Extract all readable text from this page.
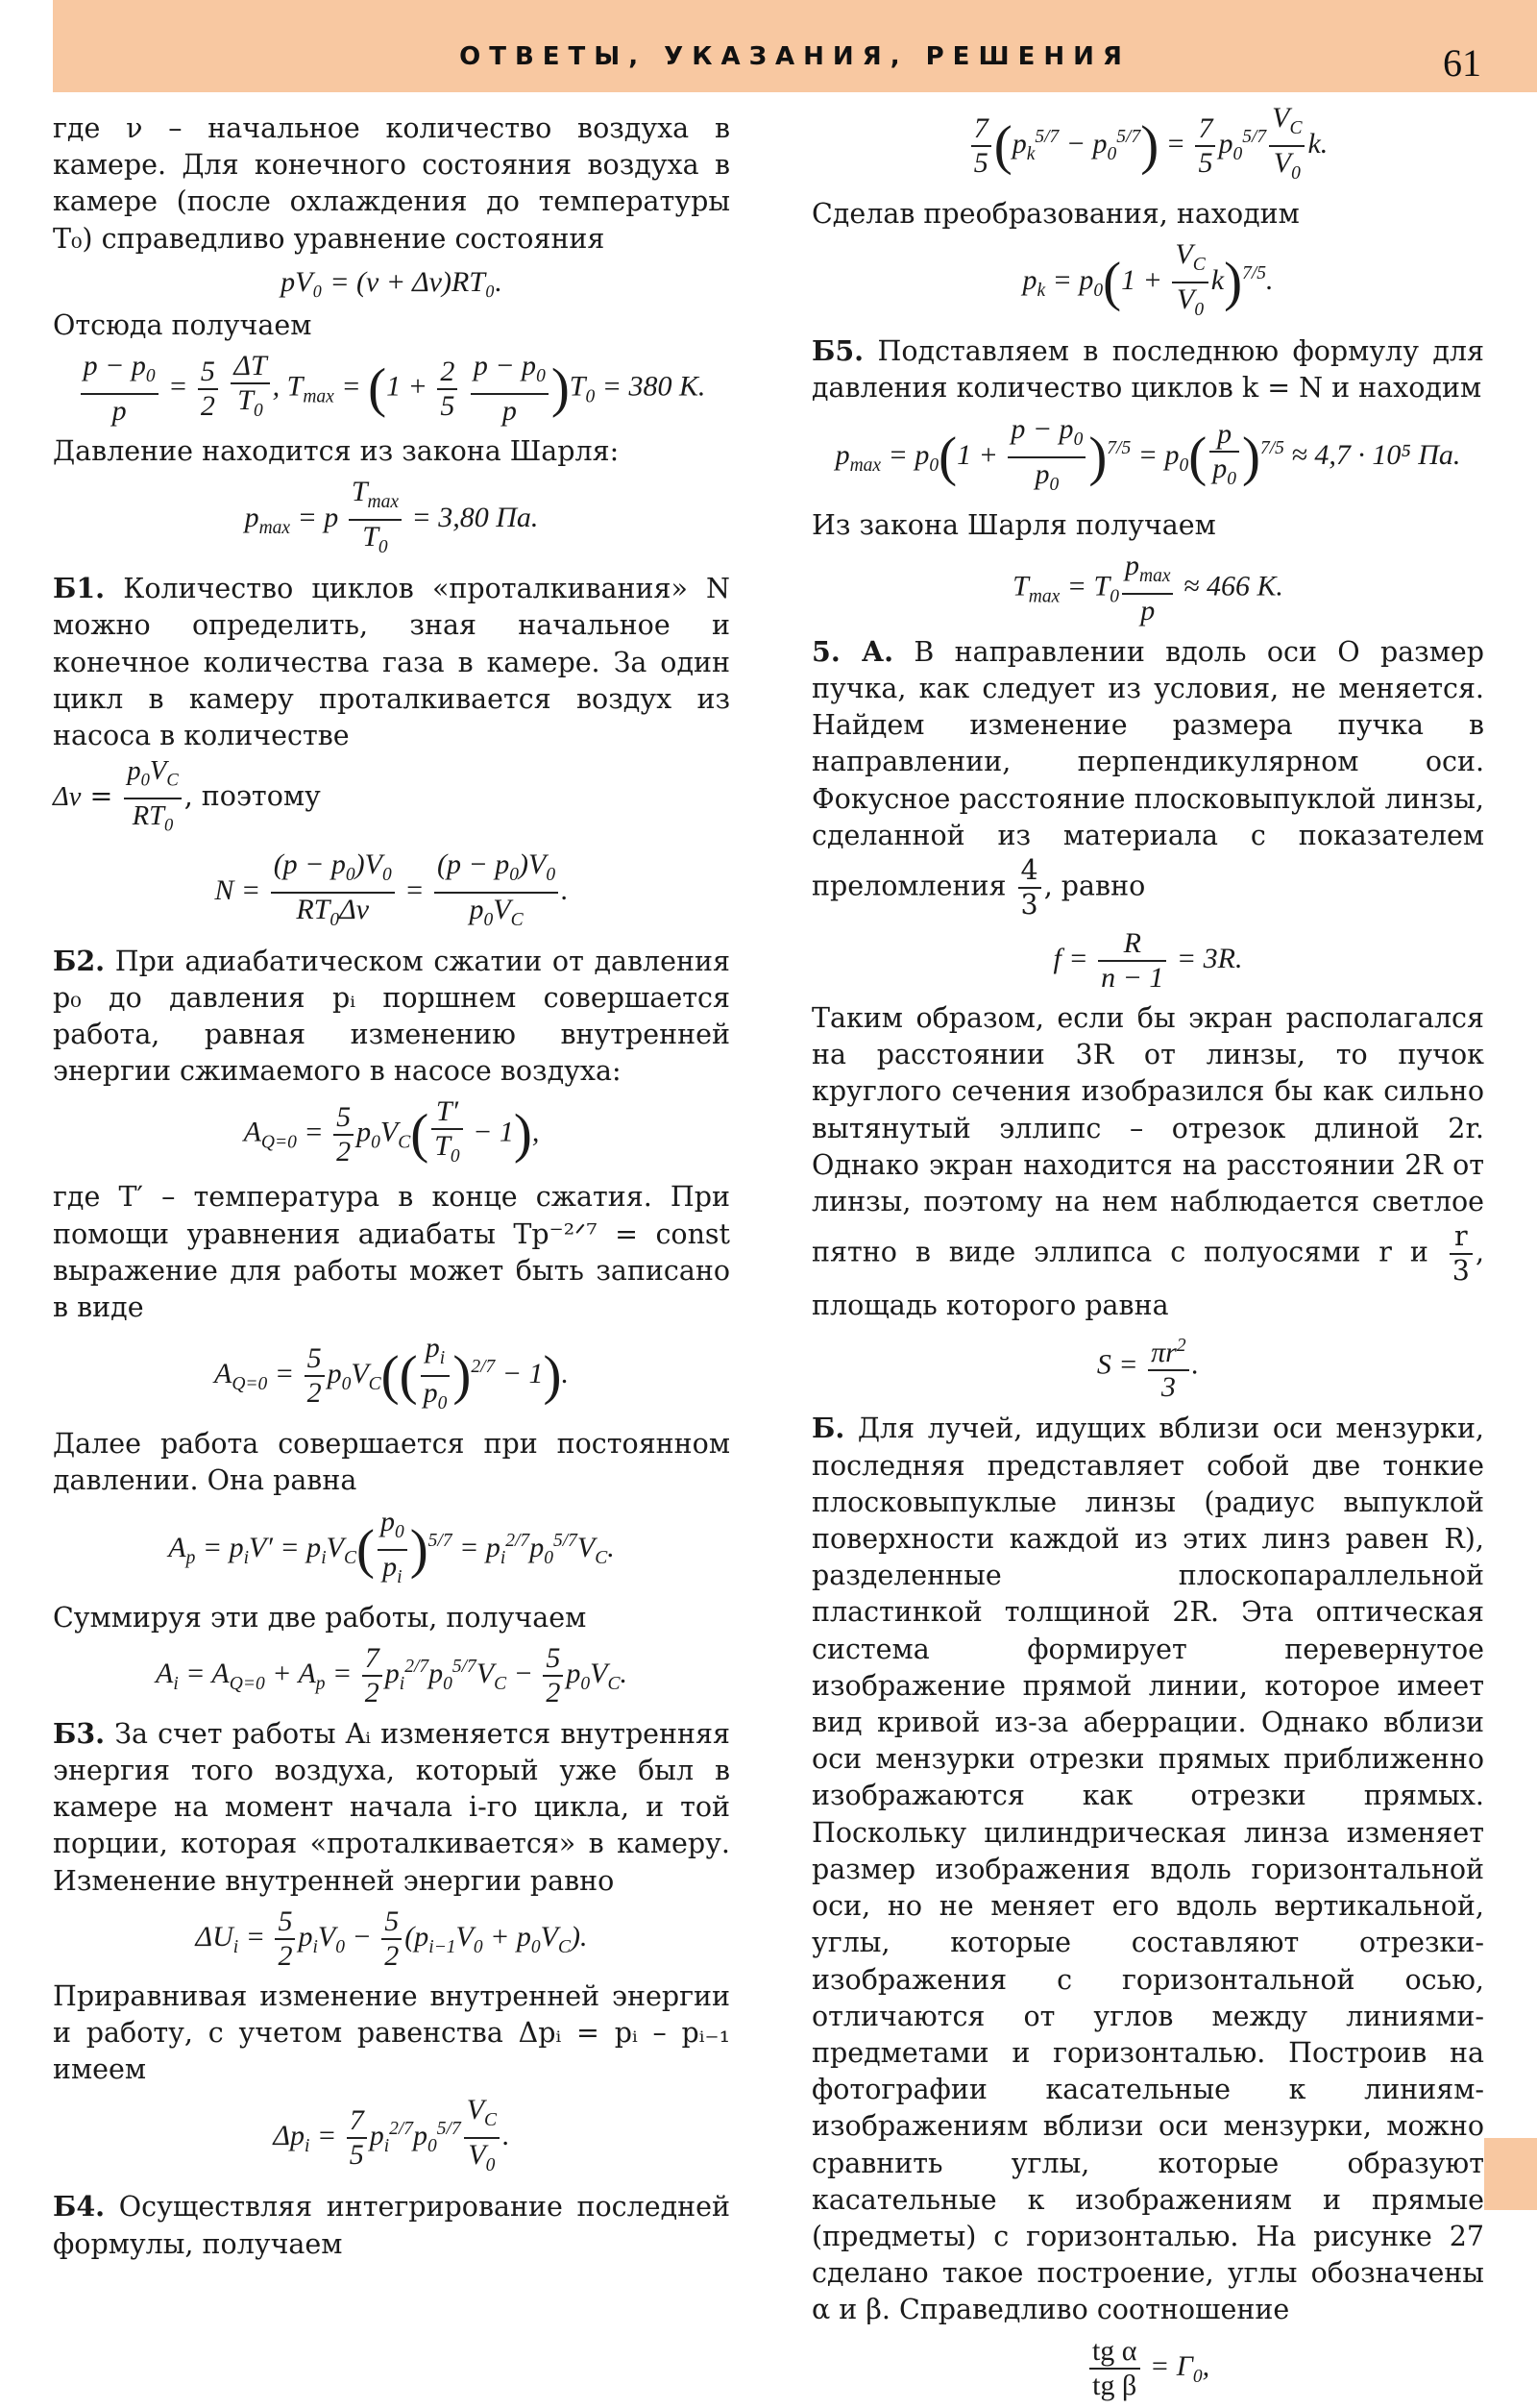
ОТВЕТЫ, УКАЗАНИЯ, РЕШЕНИЯ	61

где ν – начальное количество воздуха в камере. Для конечного состояния воздуха в камере (после охлаждения до температуры T₀) справедливо уравнение состояния

pV₀ = (ν + Δν)RT₀.

Отсюда получаем

$\frac{p - p_0}{p} = \frac{5}{2}$
$\frac{\Delta T}{T_0}$ , $T_{max} = (1 + \frac{2}{5}$
$\frac{p - p_0}{p} )T_0 = 380$ К.

Давление находится из закона Шарля:

$p_{max} = p \frac{T_{max}}{T_0} = 3,80$ Па.

Б1. Количество циклов «проталкивания» N можно определить, зная начальное и конечное количества газа в камере. За один цикл в камеру проталкивается воздух из насоса в количестве

$\Delta\nu = \frac{p_0V_C}{RT_0}$ , поэтому

$N = \frac{(p - p_0)V_0}{RT_0\Delta\nu} = \frac{(p - p_0)V_0}{p_0V_C}$ .

Б2. При адиабатическом сжатии от давления p₀ до давления pᵢ поршнем совершается работа, равная изменению внутренней энергии сжимаемого в насосе воздуха:

$A_{Q=0} = \frac{5}{2} p_0V_C( \frac{T'}{T_0} - 1)$,

где T′ – температура в конце сжатия. При помощи уравнения адиабаты Tp⁻²ᐟ⁷ = const выражение для работы может быть записано в виде

$A_{Q=0} = \frac{5}{2} p_0V_C(( \frac{p_i}{p_0} )^{2/7} - 1)$.

Далее работа совершается при постоянном давлении. Она равна

$A_p = p_iV' = p_iV_C( \frac{p_0}{p_i} )^{5/7} = p_i^{2/7}p_0^{5/7}V_C$.

Суммируя эти две работы, получаем

$A_i = A_{Q=0} + A_p = \frac{7}{2} p_i^{2/7}p_0^{5/7}V_C - \frac{5}{2} p_0V_C$.

Б3. За счет работы Aᵢ изменяется внутренняя энергия того воздуха, который уже был в камере на момент начала i-го цикла, и той порции, которая «проталкивается» в камеру. Изменение внутренней энергии равно

$\Delta U_i = \frac{5}{2} p_iV_0 - \frac{5}{2} (p_{i-1}V_0 + p_0V_C)$.

Приравнивая изменение внутренней энергии и работу, с учетом равенства Δpᵢ = pᵢ – pᵢ₋₁ имеем

$\Delta p_i = \frac{7}{5} p_i^{2/7}p_0^{5/7} \frac{V_C}{V_0}$ .

Б4. Осуществляя интегрирование последней формулы, получаем

$\frac{7}{5} (p_k^{5/7} - p_0^{5/7}) = \frac{7}{5} p_0^{5/7} \frac{V_C}{V_0} k$.

Сделав преобразования, находим

$p_k = p_0(1 + \frac{V_C}{V_0} k)^{7/5}$.

Б5. Подставляем в последнюю формулу для давления количество циклов k = N и находим

$p_{max} = p_0(1 + \frac{p - p_0}{p_0} )^{7/5} = p_0( \frac{p}{p_0} )^{7/5} \approx 4,7 \cdot 10^5$ Па.

Из закона Шарля получаем

$T_{max} = T_0 \frac{p_{max}}{p} \approx 466$ К.

5. А. В направлении вдоль оси O размер пучка, как следует из условия, не меняется. Найдем изменение размера пучка в направлении, перпендикулярном оси. Фокусное расстояние плосковыпуклой линзы, сделанной из материала с показателем преломления $\frac{4}{3}$ , равно

$f = \frac{R}{n - 1} = 3R$.

Таким образом, если бы экран располагался на расстоянии 3R от линзы, то пучок круглого сечения изобразился бы как сильно вытянутый эллипс – отрезок длиной 2r. Однако экран находится на расстоянии 2R от линзы, поэтому на нем наблюдается светлое пятно в виде эллипса с полуосями r и $\frac{r}{3}$ , площадь которого равна

$S = \frac{\pi r^2}{3}$ .

Б. Для лучей, идущих вблизи оси мензурки, последняя представляет собой две тонкие плосковыпуклые линзы (радиус выпуклой поверхности каждой из этих линз равен R), разделенные плоскопараллельной пластинкой толщиной 2R. Эта оптическая система формирует перевернутое изображение прямой линии, которое имеет вид кривой из-за аберрации. Однако вблизи оси мензурки отрезки прямых приближенно изображаются как отрезки прямых. Поскольку цилиндрическая линза изменяет размер изображения вдоль горизонтальной оси, но не меняет его вдоль вертикальной, углы, которые составляют отрезки-изображения с горизонтальной осью, отличаются от углов между линиями-предметами и горизонталью. Построив на фотографии касательные к линиям-изображениям вблизи оси мензурки, можно сравнить углы, которые образуют касательные к изображениям и прямые (предметы) с горизонталью. На рисунке 27 сделано такое построение, углы обозначены α и β. Справедливо соотношение

$\frac{\text{tg α}}{\text{tg β}} = \Gamma_0$,
